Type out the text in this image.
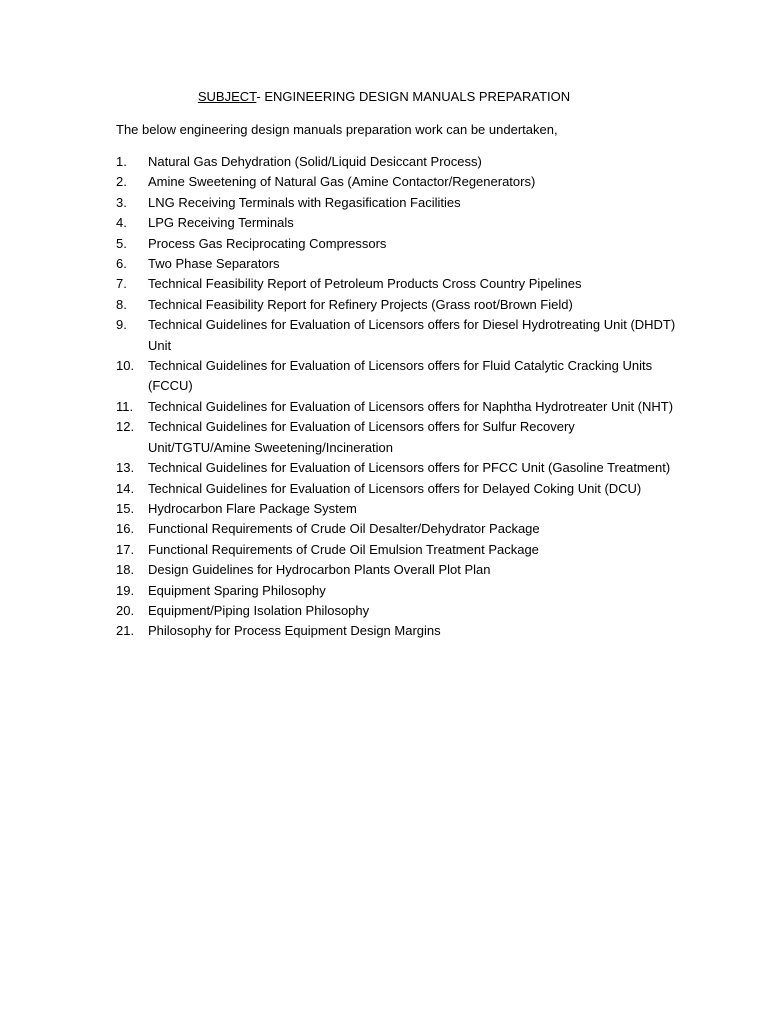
SUBJECT- ENGINEERING DESIGN MANUALS PREPARATION
The below engineering design manuals preparation work can be undertaken,
1.	Natural Gas Dehydration (Solid/Liquid Desiccant Process)
2.	Amine Sweetening of Natural Gas (Amine Contactor/Regenerators)
3.	LNG Receiving Terminals with Regasification Facilities
4.	LPG Receiving Terminals
5.	Process Gas Reciprocating Compressors
6.	Two Phase Separators
7.	Technical Feasibility Report of Petroleum Products Cross Country Pipelines
8.	Technical Feasibility Report for Refinery Projects (Grass root/Brown Field)
9.	Technical Guidelines for Evaluation of Licensors offers for Diesel Hydrotreating Unit (DHDT) Unit
10.	Technical Guidelines for Evaluation of Licensors offers for Fluid Catalytic Cracking Units (FCCU)
11.	Technical Guidelines for Evaluation of Licensors offers for Naphtha Hydrotreater Unit (NHT)
12.	Technical Guidelines for Evaluation of Licensors offers for Sulfur Recovery Unit/TGTU/Amine Sweetening/Incineration
13.	Technical Guidelines for Evaluation of Licensors offers for PFCC Unit (Gasoline Treatment)
14.	Technical Guidelines for Evaluation of Licensors offers for Delayed Coking Unit (DCU)
15.	Hydrocarbon Flare Package System
16.	Functional Requirements of Crude Oil Desalter/Dehydrator Package
17.	Functional Requirements of Crude Oil Emulsion Treatment Package
18.	Design Guidelines for Hydrocarbon Plants Overall Plot Plan
19.	Equipment Sparing Philosophy
20.	Equipment/Piping Isolation Philosophy
21.	Philosophy for Process Equipment Design Margins
